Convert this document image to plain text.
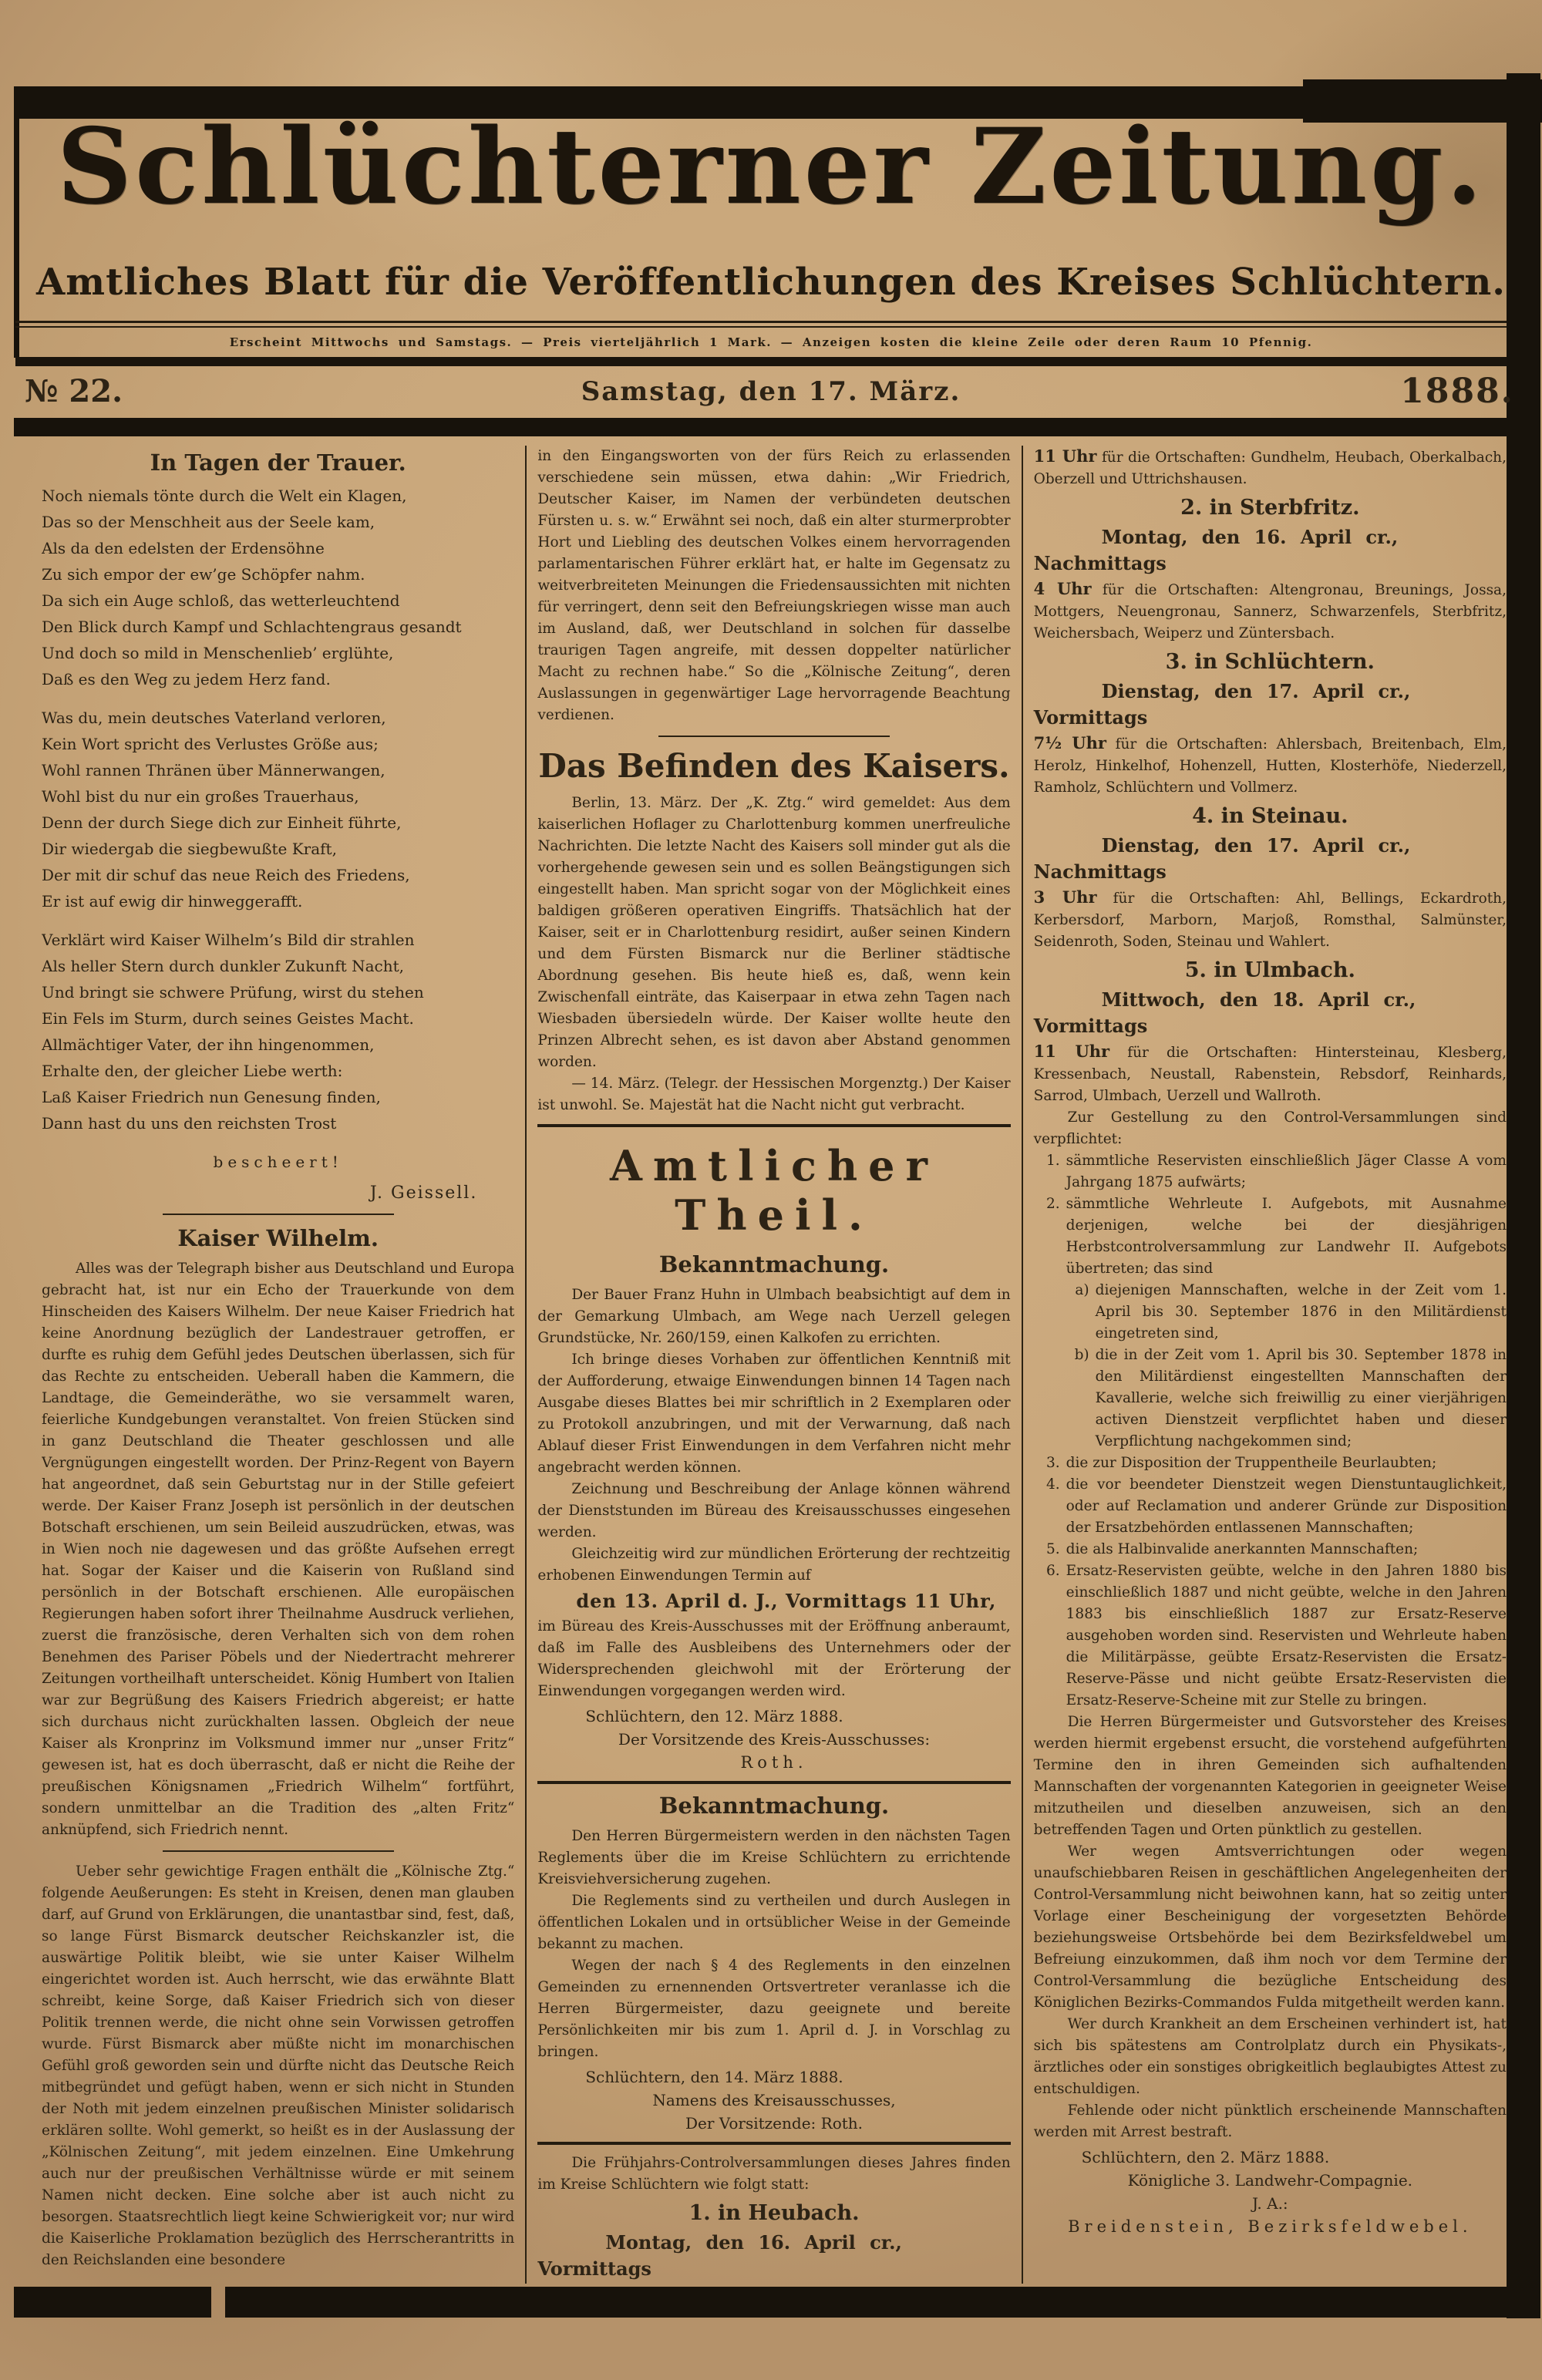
Schlüchterner Zeitung.
Amtliches Blatt für die Veröffentlichungen des Kreises Schlüchtern.
Erscheint Mittwochs und Samstags. — Preis vierteljährlich 1 Mark. — Anzeigen kosten die kleine Zeile oder deren Raum 10 Pfennig.
№ 22.	Samstag, den 17. März.	1888.
In Tagen der Trauer.
Noch niemals tönte durch die Welt ein Klagen,
Das so der Menschheit aus der Seele kam,
Als da den edelsten der Erdensöhne
Zu sich empor der ew’ge Schöpfer nahm.
Da sich ein Auge schloß, das wetterleuchtend
Den Blick durch Kampf und Schlachtengraus gesandt
Und doch so mild in Menschenlieb’ erglühte,
Daß es den Weg zu jedem Herz fand.
Was du, mein deutsches Vaterland verloren,
Kein Wort spricht des Verlustes Größe aus;
Wohl rannen Thränen über Männerwangen,
Wohl bist du nur ein großes Trauerhaus,
Denn der durch Siege dich zur Einheit führte,
Dir wiedergab die siegbewußte Kraft,
Der mit dir schuf das neue Reich des Friedens,
Er ist auf ewig dir hinweggerafft.
Verklärt wird Kaiser Wilhelm’s Bild dir strahlen
Als heller Stern durch dunkler Zukunft Nacht,
Und bringt sie schwere Prüfung, wirst du stehen
Ein Fels im Sturm, durch seines Geistes Macht.
Allmächtiger Vater, der ihn hingenommen,
Erhalte den, der gleicher Liebe werth:
Laß Kaiser Friedrich nun Genesung finden,
Dann hast du uns den reichsten Trost
bescheert!
J. Geissell.
Kaiser Wilhelm.
Alles was der Telegraph bisher aus Deutschland und Europa gebracht hat, ist nur ein Echo der Trauerkunde von dem Hinscheiden des Kaisers Wilhelm. Der neue Kaiser Friedrich hat keine Anordnung bezüglich der Landestrauer getroffen, er durfte es ruhig dem Gefühl jedes Deutschen überlassen, sich für das Rechte zu entscheiden. Ueberall haben die Kammern, die Landtage, die Gemeinderäthe, wo sie versammelt waren, feierliche Kundgebungen veranstaltet. Von freien Stücken sind in ganz Deutschland die Theater geschlossen und alle Vergnügungen eingestellt worden. Der Prinz-Regent von Bayern hat angeordnet, daß sein Geburtstag nur in der Stille gefeiert werde. Der Kaiser Franz Joseph ist persönlich in der deutschen Botschaft erschienen, um sein Beileid auszudrücken, etwas, was in Wien noch nie dagewesen und das größte Aufsehen erregt hat. Sogar der Kaiser und die Kaiserin von Rußland sind persönlich in der Botschaft erschienen. Alle europäischen Regierungen haben sofort ihrer Theilnahme Ausdruck verliehen, zuerst die französische, deren Verhalten sich von dem rohen Benehmen des Pariser Pöbels und der Niedertracht mehrerer Zeitungen vortheilhaft unterscheidet. König Humbert von Italien war zur Begrüßung des Kaisers Friedrich abgereist; er hatte sich durchaus nicht zurückhalten lassen. Obgleich der neue Kaiser als Kronprinz im Volksmund immer nur „unser Fritz“ gewesen ist, hat es doch überrascht, daß er nicht die Reihe der preußischen Königsnamen „Friedrich Wilhelm“ fortführt, sondern unmittelbar an die Tradition des „alten Fritz“ anknüpfend, sich Friedrich nennt.
Ueber sehr gewichtige Fragen enthält die „Kölnische Ztg.“ folgende Aeußerungen: Es steht in Kreisen, denen man glauben darf, auf Grund von Erklärungen, die unantastbar sind, fest, daß, so lange Fürst Bismarck deutscher Reichskanzler ist, die auswärtige Politik bleibt, wie sie unter Kaiser Wilhelm eingerichtet worden ist. Auch herrscht, wie das erwähnte Blatt schreibt, keine Sorge, daß Kaiser Friedrich sich von dieser Politik trennen werde, die nicht ohne sein Vorwissen getroffen wurde. Fürst Bismarck aber müßte nicht im monarchischen Gefühl groß geworden sein und dürfte nicht das Deutsche Reich mitbegründet und gefügt haben, wenn er sich nicht in Stunden der Noth mit jedem einzelnen preußischen Minister solidarisch erklären sollte. Wohl gemerkt, so heißt es in der Auslassung der „Kölnischen Zeitung“, mit jedem einzelnen. Eine Umkehrung auch nur der preußischen Verhältnisse würde er mit seinem Namen nicht decken. Eine solche aber ist auch nicht zu besorgen. Staatsrechtlich liegt keine Schwierigkeit vor; nur wird die Kaiserliche Proklamation bezüglich des Herrscherantritts in den Reichslanden eine besondere
in den Eingangsworten von der fürs Reich zu erlassenden verschiedene sein müssen, etwa dahin: „Wir Friedrich, Deutscher Kaiser, im Namen der verbündeten deutschen Fürsten u. s. w.“ Erwähnt sei noch, daß ein alter sturmerprobter Hort und Liebling des deutschen Volkes einem hervorragenden parlamentarischen Führer erklärt hat, er halte im Gegensatz zu weitverbreiteten Meinungen die Friedensaussichten mit nichten für verringert, denn seit den Befreiungskriegen wisse man auch im Ausland, daß, wer Deutschland in solchen für dasselbe traurigen Tagen angreife, mit dessen doppelter natürlicher Macht zu rechnen habe.“ So die „Kölnische Zeitung“, deren Auslassungen in gegenwärtiger Lage hervorragende Beachtung verdienen.
Das Befinden des Kaisers.
Berlin, 13. März. Der „K. Ztg.“ wird gemeldet: Aus dem kaiserlichen Hoflager zu Charlottenburg kommen unerfreuliche Nachrichten. Die letzte Nacht des Kaisers soll minder gut als die vorhergehende gewesen sein und es sollen Beängstigungen sich eingestellt haben. Man spricht sogar von der Möglichkeit eines baldigen größeren operativen Eingriffs. Thatsächlich hat der Kaiser, seit er in Charlottenburg residirt, außer seinen Kindern und dem Fürsten Bismarck nur die Berliner städtische Abordnung gesehen. Bis heute hieß es, daß, wenn kein Zwischenfall einträte, das Kaiserpaar in etwa zehn Tagen nach Wiesbaden übersiedeln würde. Der Kaiser wollte heute den Prinzen Albrecht sehen, es ist davon aber Abstand genommen worden.
— 14. März. (Telegr. der Hessischen Morgenztg.) Der Kaiser ist unwohl. Se. Majestät hat die Nacht nicht gut verbracht.
Amtlicher Theil.
Bekanntmachung.
Der Bauer Franz Huhn in Ulmbach beabsichtigt auf dem in der Gemarkung Ulmbach, am Wege nach Uerzell gelegen Grundstücke, Nr. 260/159, einen Kalkofen zu errichten.
Ich bringe dieses Vorhaben zur öffentlichen Kenntniß mit der Aufforderung, etwaige Einwendungen binnen 14 Tagen nach Ausgabe dieses Blattes bei mir schriftlich in 2 Exemplaren oder zu Protokoll anzubringen, und mit der Verwarnung, daß nach Ablauf dieser Frist Einwendungen in dem Verfahren nicht mehr angebracht werden können.
Zeichnung und Beschreibung der Anlage können während der Dienststunden im Büreau des Kreisausschusses eingesehen werden.
Gleichzeitig wird zur mündlichen Erörterung der rechtzeitig erhobenen Einwendungen Termin auf
den 13. April d. J., Vormittags 11 Uhr,
im Büreau des Kreis-Ausschusses mit der Eröffnung anberaumt, daß im Falle des Ausbleibens des Unternehmers oder der Widersprechenden gleichwohl mit der Erörterung der Einwendungen vorgegangen werden wird.
Schlüchtern, den 12. März 1888.
Der Vorsitzende des Kreis-Ausschusses:
Roth.
Bekanntmachung.
Den Herren Bürgermeistern werden in den nächsten Tagen Reglements über die im Kreise Schlüchtern zu errichtende Kreisviehversicherung zugehen.
Die Reglements sind zu vertheilen und durch Auslegen in öffentlichen Lokalen und in ortsüblicher Weise in der Gemeinde bekannt zu machen.
Wegen der nach § 4 des Reglements in den einzelnen Gemeinden zu ernennenden Ortsvertreter veranlasse ich die Herren Bürgermeister, dazu geeignete und bereite Persönlichkeiten mir bis zum 1. April d. J. in Vorschlag zu bringen.
Schlüchtern, den 14. März 1888.
Namens des Kreisausschusses,
Der Vorsitzende: Roth.
Die Frühjahrs-Controlversammlungen dieses Jahres finden im Kreise Schlüchtern wie folgt statt:
1. in Heubach.
Montag, den 16. April cr., Vormittags

11 Uhr für die Ortschaften: Gundhelm, Heubach, Oberkalbach, Oberzell und Uttrichshausen.

2. in Sterbfritz.
Montag, den 16. April cr., Nachmittags

4 Uhr für die Ortschaften: Altengronau, Breunings, Jossa, Mottgers, Neuengronau, Sannerz, Schwarzenfels, Sterbfritz, Weichersbach, Weiperz und Züntersbach.

3. in Schlüchtern.
Dienstag, den 17. April cr., Vormittags

7½ Uhr für die Ortschaften: Ahlersbach, Breitenbach, Elm, Herolz, Hinkelhof, Hohenzell, Hutten, Klosterhöfe, Niederzell, Ramholz, Schlüchtern und Vollmerz.

4. in Steinau.
Dienstag, den 17. April cr., Nachmittags

3 Uhr für die Ortschaften: Ahl, Bellings, Eckardroth, Kerbersdorf, Marborn, Marjoß, Romsthal, Salmünster, Seidenroth, Soden, Steinau und Wahlert.

5. in Ulmbach.
Mittwoch, den 18. April cr., Vormittags

11 Uhr für die Ortschaften: Hintersteinau, Klesberg, Kressenbach, Neustall, Rabenstein, Rebsdorf, Reinhards, Sarrod, Ulmbach, Uerzell und Wallroth.

Zur Gestellung zu den Control-Versammlungen sind verpflichtet:
1. sämmtliche Reservisten einschließlich Jäger Classe A vom Jahrgang 1875 aufwärts;
2. sämmtliche Wehrleute I. Aufgebots, mit Ausnahme derjenigen, welche bei der diesjährigen Herbstcontrolversammlung zur Landwehr II. Aufgebots übertreten; das sind
a) diejenigen Mannschaften, welche in der Zeit vom 1. April bis 30. September 1876 in den Militärdienst eingetreten sind,
b) die in der Zeit vom 1. April bis 30. September 1878 in den Militärdienst eingestellten Mannschaften der Kavallerie, welche sich freiwillig zu einer vierjährigen activen Dienstzeit verpflichtet haben und dieser Verpflichtung nachgekommen sind;
3. die zur Disposition der Truppentheile Beurlaubten;
4. die vor beendeter Dienstzeit wegen Dienstuntauglichkeit, oder auf Reclamation und anderer Gründe zur Disposition der Ersatzbehörden entlassenen Mannschaften;
5. die als Halbinvalide anerkannten Mannschaften;
6. Ersatz-Reservisten geübte, welche in den Jahren 1880 bis einschließlich 1887 und nicht geübte, welche in den Jahren 1883 bis einschließlich 1887 zur Ersatz-Reserve ausgehoben worden sind. Reservisten und Wehrleute haben die Militärpässe, geübte Ersatz-Reservisten die Ersatz-Reserve-Pässe und nicht geübte Ersatz-Reservisten die Ersatz-Reserve-Scheine mit zur Stelle zu bringen.
Die Herren Bürgermeister und Gutsvorsteher des Kreises werden hiermit ergebenst ersucht, die vorstehend aufgeführten Termine den in ihren Gemeinden sich aufhaltenden Mannschaften der vorgenannten Kategorien in geeigneter Weise mitzutheilen und dieselben anzuweisen, sich an den betreffenden Tagen und Orten pünktlich zu gestellen.
Wer wegen Amtsverrichtungen oder wegen unaufschiebbaren Reisen in geschäftlichen Angelegenheiten der Control-Versammlung nicht beiwohnen kann, hat so zeitig unter Vorlage einer Bescheinigung der vorgesetzten Behörde beziehungsweise Ortsbehörde bei dem Bezirksfeldwebel um Befreiung einzukommen, daß ihm noch vor dem Termine der Control-Versammlung die bezügliche Entscheidung des Königlichen Bezirks-Commandos Fulda mitgetheilt werden kann.
Wer durch Krankheit an dem Erscheinen verhindert ist, hat sich bis spätestens am Controlplatz durch ein Physikats-, ärztliches oder ein sonstiges obrigkeitlich beglaubigtes Attest zu entschuldigen.
Fehlende oder nicht pünktlich erscheinende Mannschaften werden mit Arrest bestraft.
Schlüchtern, den 2. März 1888.
Königliche 3. Landwehr-Compagnie.
J. A.:
Breidenstein, Bezirksfeldwebel.
